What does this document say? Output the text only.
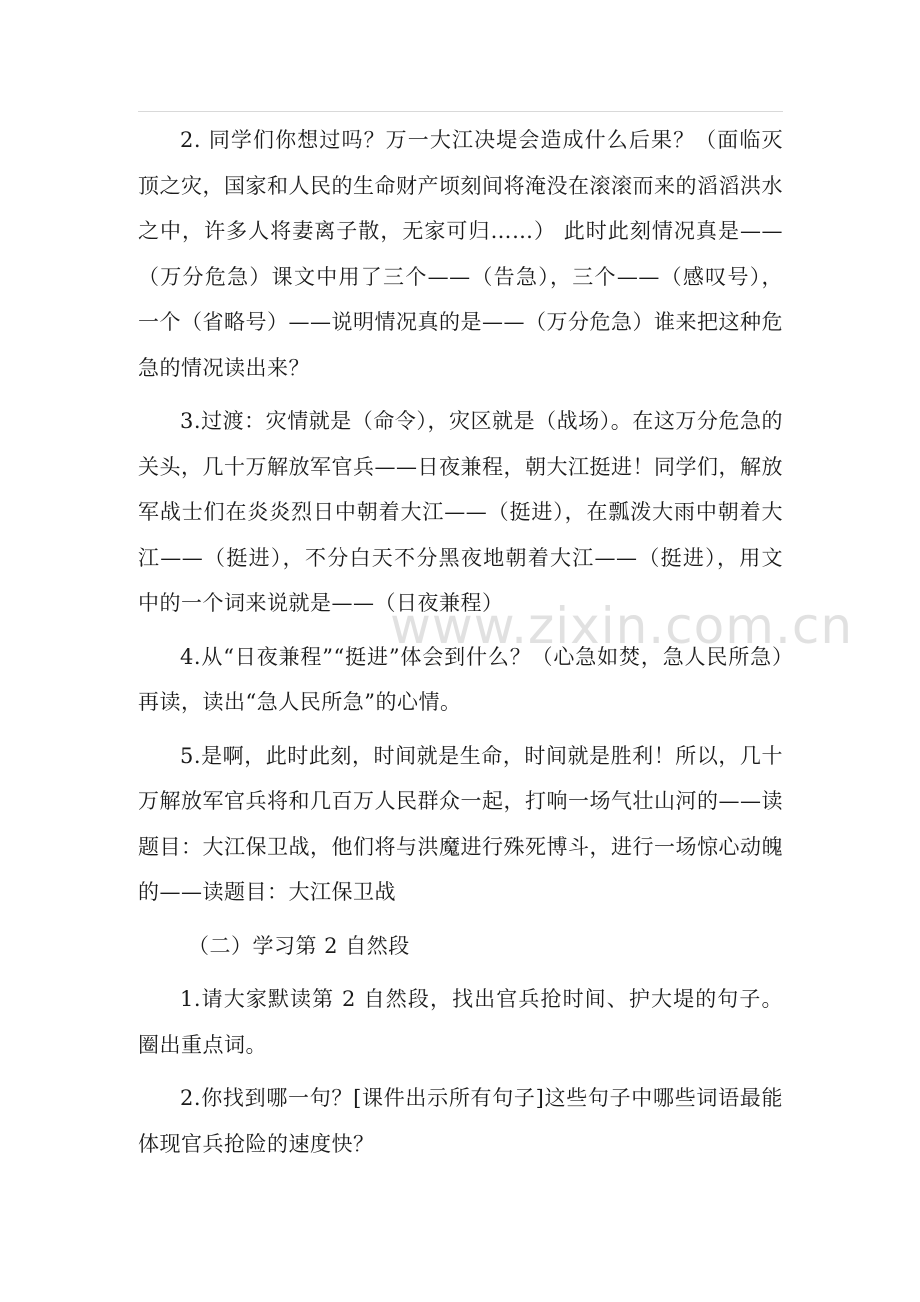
2. 同学们你想过吗？万一大江决堤会造成什么后果？（面临灭顶之灾，国家和人民的生命财产顷刻间将淹没在滚滚而来的滔滔洪水之中，许多人将妻离子散，无家可归……） 此时此刻情况真是——（万分危急）课文中用了三个——（告急），三个——（感叹号），一个（省略号）——说明情况真的是——（万分危急）谁来把这种危急的情况读出来？

3.过渡：灾情就是（命令），灾区就是（战场）。在这万分危急的关头，几十万解放军官兵——日夜兼程，朝大江挺进！同学们，解放军战士们在炎炎烈日中朝着大江——（挺进），在瓢泼大雨中朝着大江——（挺进），不分白天不分黑夜地朝着大江——（挺进），用文中的一个词来说就是——（日夜兼程）

4.从“日夜兼程”“挺进”体会到什么？（心急如焚，急人民所急）再读，读出“急人民所急”的心情。

5.是啊，此时此刻，时间就是生命，时间就是胜利！所以，几十万解放军官兵将和几百万人民群众一起，打响一场气壮山河的——读题目：大江保卫战，他们将与洪魔进行殊死博斗，进行一场惊心动魄的——读题目：大江保卫战

（二）学习第 2 自然段

1.请大家默读第 2 自然段，找出官兵抢时间、护大堤的句子。圈出重点词。

2.你找到哪一句？[课件出示所有句子]这些句子中哪些词语最能体现官兵抢险的速度快？

www.zixin.com.cn
